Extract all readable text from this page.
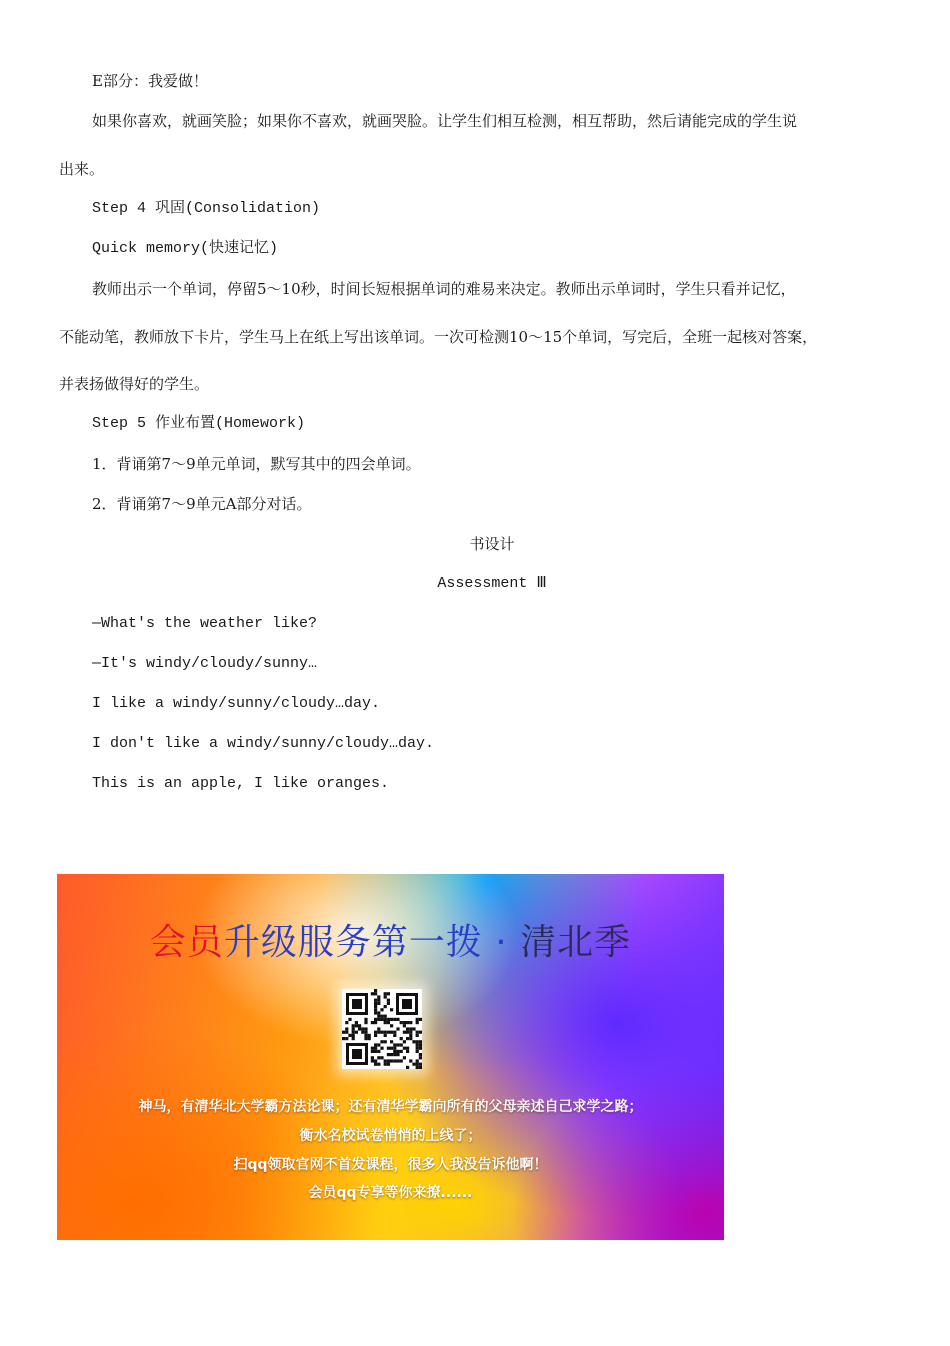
E部分：我爱做！
如果你喜欢，就画笑脸；如果你不喜欢，就画哭脸。让学生们相互检测，相互帮助，然后请能完成的学生说
出来。
Step 4 巩固(Consolidation)
Quick memory(快速记忆)
教师出示一个单词，停留5～10秒，时间长短根据单词的难易来决定。教师出示单词时，学生只看并记忆，
不能动笔，教师放下卡片，学生马上在纸上写出该单词。一次可检测10～15个单词，写完后，全班一起核对答案，
并表扬做得好的学生。
Step 5 作业布置(Homework)
1．背诵第7～9单元单词，默写其中的四会单词。
2．背诵第7～9单元A部分对话。
书设计
Assessment Ⅲ
—What's the weather like?
—It's windy/cloudy/sunny…
I like a windy/sunny/cloudy…day.
I don't like a windy/sunny/cloudy…day.
This is an apple, I like oranges.
会员升级服务第一拨 · 清北季
神马，有清华北大学霸方法论课；还有清华学霸向所有的父母亲述自己求学之路；
衡水名校试卷悄悄的上线了；
扫qq领取官网不首发课程，很多人我没告诉他啊！
会员qq专享等你来撩......
